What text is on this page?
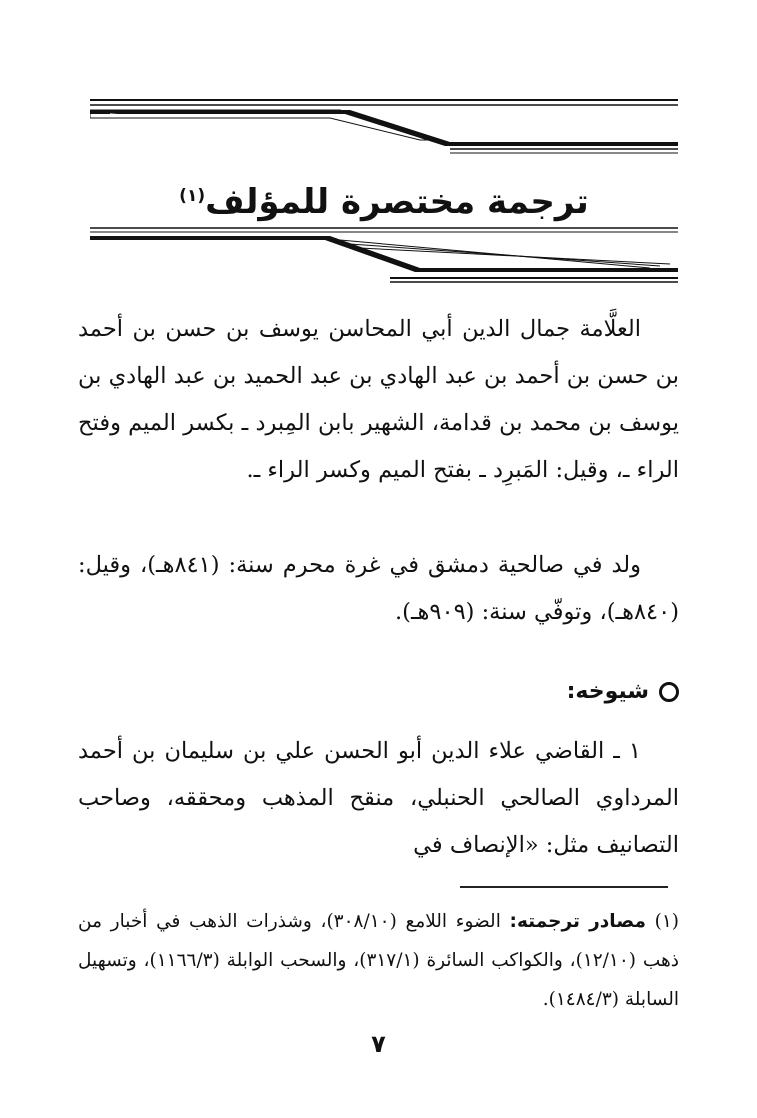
ترجمة مختصرة للمؤلف$^{(١)}$

العلَّامة جمال الدين أبي المحاسن يوسف بن حسن بن أحمد بن حسن بن أحمد بن عبد الهادي بن عبد الحميد بن عبد الهادي بن يوسف بن محمد بن قدامة، الشهير بابن المِبرد ـ بكسر الميم وفتح الراء ـ، وقيل: المَبرِد ـ بفتح الميم وكسر الراء ـ.

ولد في صالحية دمشق في غرة محرم سنة: (٨٤١هـ)، وقيل: (٨٤٠هـ)، وتوفّي سنة: (٩٠٩هـ).

شيوخه:

١ ـ القاضي علاء الدين أبو الحسن علي بن سليمان بن أحمد المرداوي الصالحي الحنبلي، منقح المذهب ومحققه، وصاحب التصانيف مثل: «الإنصاف في

(١) مصادر ترجمته: الضوء اللامع (٣٠٨/١٠)، وشذرات الذهب في أخبار من ذهب (١٢/١٠)، والكواكب السائرة (٣١٧/١)، والسحب الوابلة (١١٦٦/٣)، وتسهيل السابلة (١٤٨٤/٣).

٧
